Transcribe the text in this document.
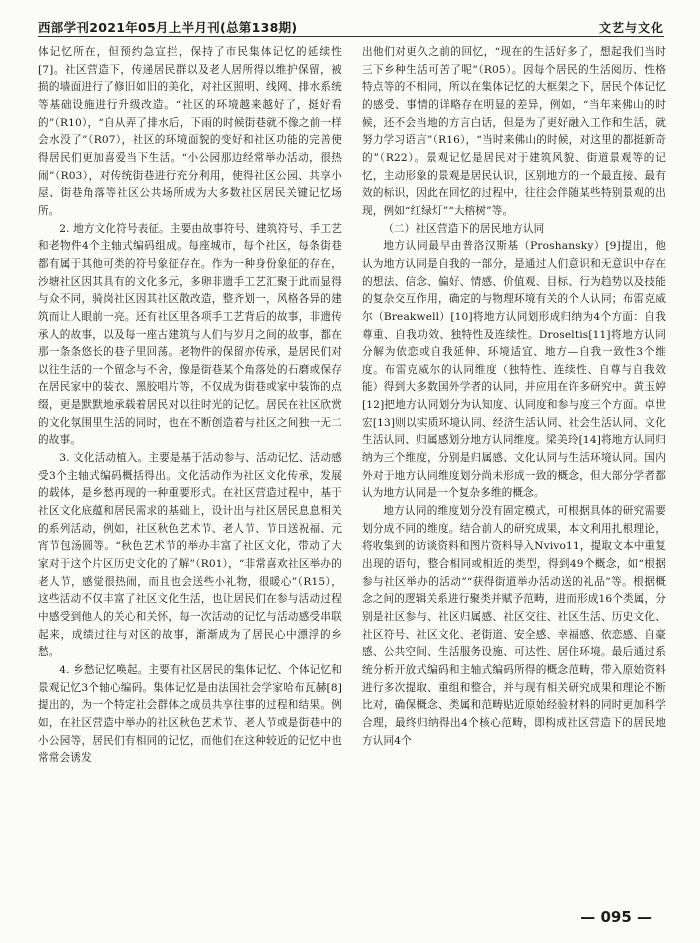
西部学刊2021年05月上半月刊(总第138期)	文艺与文化

体记忆所在，但预约急宣拦，保持了市民集体记忆的延续性[7]。社区营造下，传递居民群以及老人居所得以维护保留，被损的墙面进行了修旧如旧的美化，对社区照明、线网、排水系统等基础设施进行升级改造。“社区的环境越来越好了，挺好看的”（R10），“自从弄了排水后，下雨的时候街巷就不像之前一样会水没了”（R07），社区的环境面貌的变好和社区功能的完善使得居民们更加喜爱当下生活。“小公园那边经常举办活动，很热闹”（R03），对传统街巷进行充分利用，使得社区公园、共享小屋、街巷角落等社区公共场所成为大多数社区居民关键记忆场所。

2. 地方文化符号表征。主要由故事符号、建筑符号、手工艺和老物件4个主轴式编码组成。每座城市，每个社区，每条街巷都有属于其他可类的符号象征存在。作为一种身份象征的存在，沙塘社区因其具有的文化多元，多卵非遗手工艺汇聚于此而显得与众不同，骑岗社区因其社区散改造，整齐划一，风格各异的建筑而让人眼前一亮。还有社区里各项手工艺背后的故事，非遗传承人的故事，以及每一座古建筑与人们与岁月之间的故事，都在那一条条悠长的巷子里回荡。老物件的保留亦传承，是居民们对以往生活的一个留念与不舍，像是街巷某个角落处的石磨或保存在居民家中的装衣、黑胶唱片等，不仅成为街巷或家中装饰的点缀，更是默默地承载着居民对以往时光的记忆。居民在社区欣赏的文化氛围里生活的同时，也在不断创造着与社区之间独一无二的故事。

3. 文化活动植入。主要是基于活动参与、活动记忆、活动感受3个主轴式编码概括得出。文化活动作为社区文化传承，发展的载体，是乡愁再现的一种重要形式。在社区营造过程中，基于社区文化底蕴和居民需求的基础上，设计出与社区居民息息相关的系列活动，例如，社区秋色艺术节、老人节、节日送祝福、元宵节包汤圆等。“秋色艺术节的举办丰富了社区文化，带动了大家对于这个片区历史文化的了解”（R01），“非常喜欢社区举办的老人节，感觉很热闹，而且也会送些小礼物，很暖心”（R15），这些活动不仅丰富了社区文化生活，也让居民们在参与活动过程中感受到他人的关心和关怀，每一次活动的记忆与活动感受串联起来，成绩过往与对区的故事，渐渐成为了居民心中漂浮的乡愁。

4. 乡愁记忆唤起。主要有社区居民的集体记忆、个体记忆和景观记忆3个轴心编码。集体记忆是由法国社会学家哈布瓦赫[8]提出的，为一个特定社会群体之成员共享往事的过程和结果。例如，在社区营造中举办的社区秋色艺术节、老人节或是街巷中的小公园等，居民们有相同的记忆，而他们在这种较近的记忆中也常常会诱发

出他们对更久之前的回忆，“现在的生活好多了，想起我们当时三下乡种生活可苦了呢”（R05）。因每个居民的生活阅历、性格特点等的不相同，所以在集体记忆的大框架之下，居民个体记忆的感受、事情的详略存在明显的差异，例如，“当年来佛山的时候，还不会当地的方言白话，但是为了更好融入工作和生活，就努力学习语言”（R16），“当时来佛山的时候，对这里的都挺新奇的”（R22）。景观记忆是居民对于建筑风貌、街道景观等的记忆，主动形象的景观是居民认识，区别地方的一个最直接、最有效的标识，因此在回忆的过程中，往往会伴随某些特别景观的出现，例如“红绿灯”“大榕树”等。

（二）社区营造下的居民地方认同

地方认同最早由普洛汉斯基（Proshansky）[9]提出，他认为地方认同是自我的一部分，是通过人们意识和无意识中存在的想法、信念、偏好、情感、价值观、目标、行为趋势以及技能的复杂交互作用，确定的与物理环境有关的个人认同；布雷克威尔（Breakwell）[10]将地方认同划形成归纳为4个方面：自我尊重、自我功效、独特性及连续性。Droseltis[11]将地方认同分解为依恋或自我延伸、环境适宜、地方—自我一致性3个维度。布雷克威尔的认同维度（独特性、连续性、自尊与自我效能）得到大多数国外学者的认同，并应用在许多研究中。黄玉婷[12]把地方认同划分为认知度、认同度和参与度三个方面。卓世宏[13]则以实质环境认同、经济生活认同、社会生活认同、文化生活认同、归属感划分地方认同维度。梁美玲[14]将地方认同归纳为三个维度，分别是归属感、文化认同与生活环境认同。国内外对于地方认同维度划分尚未形成一致的概念，但大部分学者都认为地方认同是一个复杂多维的概念。

地方认同的维度划分没有固定模式，可根据具体的研究需要划分成不同的维度。结合前人的研究成果，本文利用扎根理论，将收集到的访谈资料和图片资料导入Nvivo11，提取文本中重复出现的语句，整合相同或相近的类型，得到49个概念，如“根据参与社区举办的活动”“获得街道举办活动送的礼品”等。根据概念之间的逻辑关系进行聚类并赋予范畴，进而形成16个类属，分别是社区参与、社区归属感、社区交往、社区生活、历史文化、社区符号、社区文化、老街道、安全感、幸福感、依恋感、自豪感、公共空间、生活服务设施、可达性、居住环境。最后通过系统分析开放式编码和主轴式编码所得的概念范畴，带入原始资料进行多次提取、重组和整合，并与现有相关研究成果和理论不断比对，确保概念、类属和范畴贴近原始经验材料的同时更加科学合理，最终归纳得出4个核心范畴，即构成社区营造下的居民地方认同4个

— 095 —
